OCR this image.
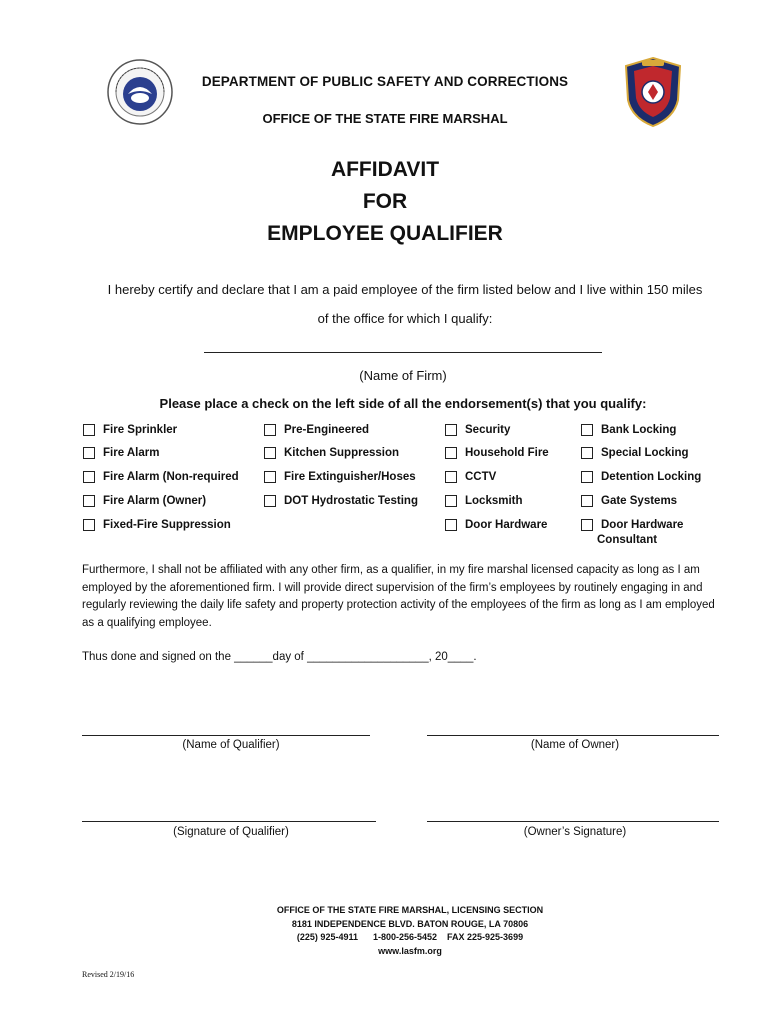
DEPARTMENT OF PUBLIC SAFETY AND CORRECTIONS
OFFICE OF THE STATE FIRE MARSHAL
AFFIDAVIT
FOR
EMPLOYEE QUALIFIER
I hereby certify and declare that I am a paid employee of the firm listed below and I live within 150 miles
of the office for which I qualify:
(Name of Firm)
Please place a check on the left side of all the endorsement(s) that you qualify:
Fire Sprinkler
Fire Alarm
Fire Alarm (Non-required
Fire Alarm (Owner)
Fixed-Fire Suppression
Pre-Engineered
Kitchen Suppression
Fire Extinguisher/Hoses
DOT Hydrostatic Testing
Security
Household Fire
CCTV
Locksmith
Door Hardware
Bank Locking
Special Locking
Detention Locking
Gate Systems
Door Hardware
Consultant
Furthermore, I shall not be affiliated with any other firm, as a qualifier, in my fire marshal licensed capacity as long as I am employed by the aforementioned firm. I will provide direct supervision of the firm’s employees by routinely engaging in and regularly reviewing the daily life safety and property protection activity of the employees of the firm as long as I am employed as a qualifying employee.
Thus done and signed on the ______day of ___________________, 20____.
(Name of Qualifier)	(Name of Owner)
(Signature of Qualifier)	(Owner’s Signature)
OFFICE OF THE STATE FIRE MARSHAL, LICENSING SECTION
8181 INDEPENDENCE BLVD. BATON ROUGE, LA 70806
(225) 925-4911      1-800-256-5452    FAX 225-925-3699
www.lasfm.org
Revised 2/19/16
